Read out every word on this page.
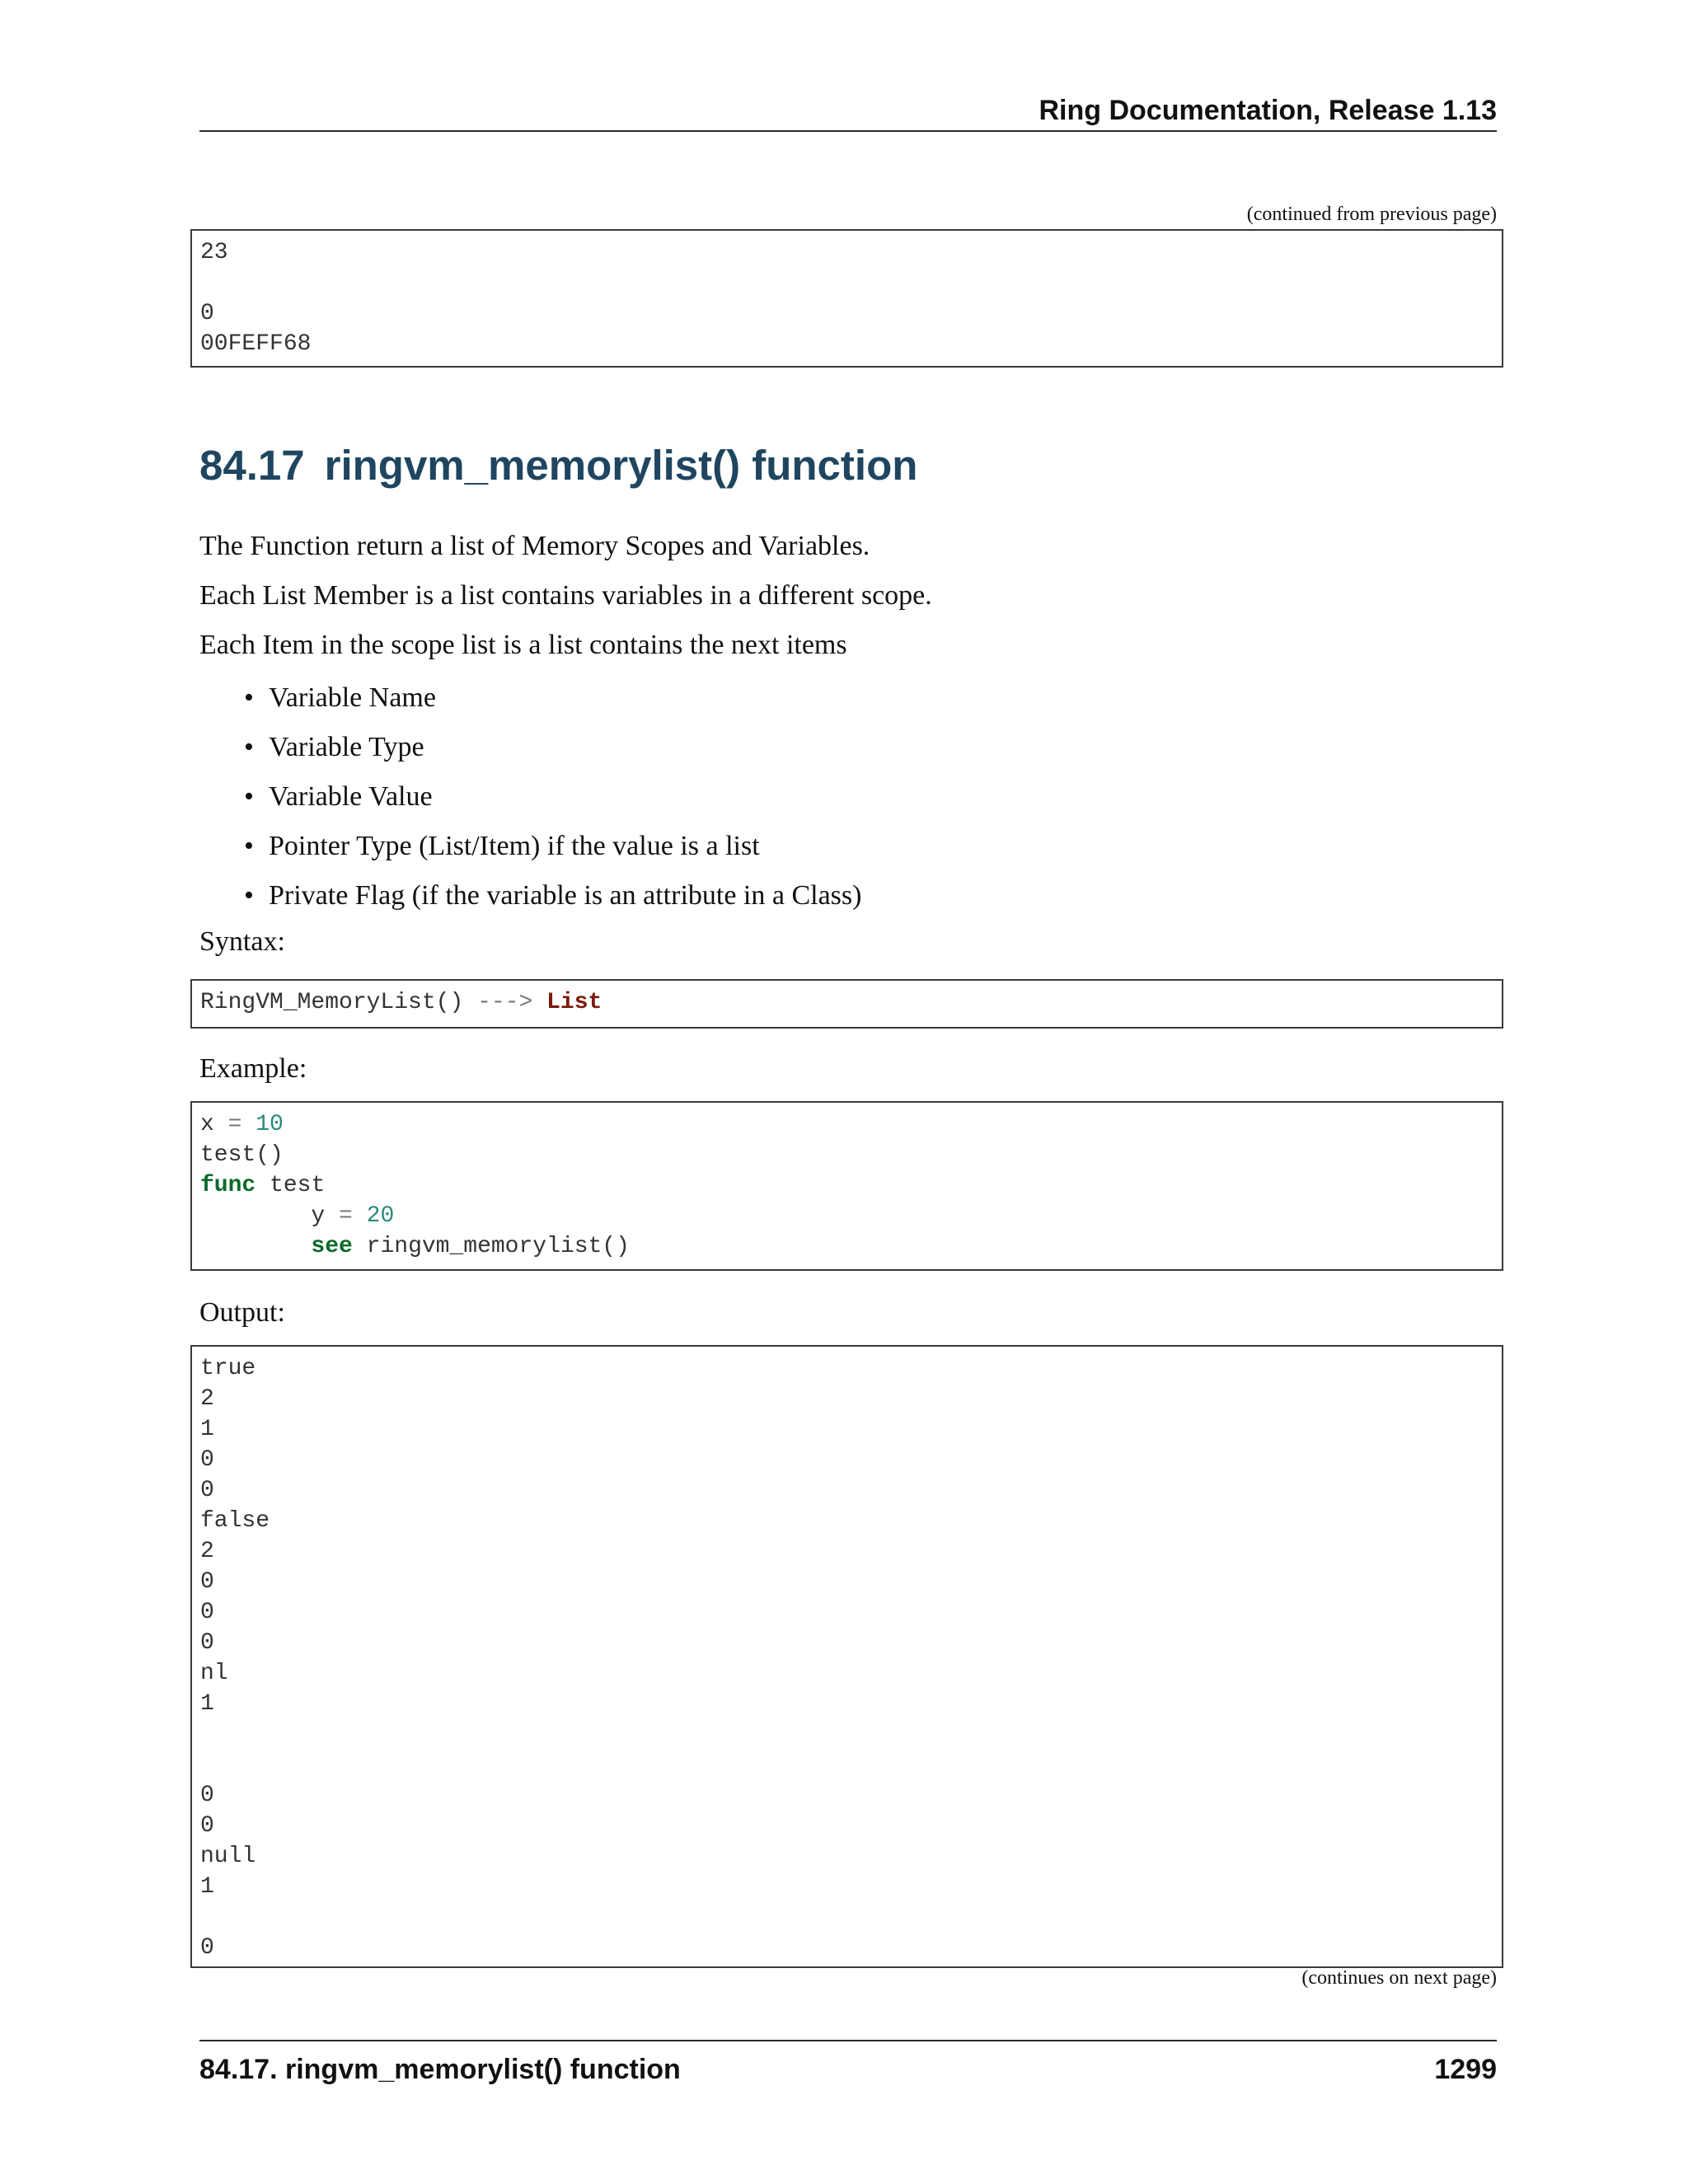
Ring Documentation, Release 1.13
(continued from previous page)
23

0
00FEFF68
84.17 ringvm_memorylist() function

The Function return a list of Memory Scopes and Variables.

Each List Member is a list contains variables in a different scope.

Each Item in the scope list is a list contains the next items

• Variable Name
• Variable Type
• Variable Value
• Pointer Type (List/Item) if the value is a list
• Private Flag (if the variable is an attribute in a Class)

Syntax:

RingVM_MemoryList() ---> List

Example:

x = 10
test()
func test
y = 20
see ringvm_memorylist()

Output:

true
2
1
0
0
false
2
0
0
0
nl
1

0
0
null
1

0
(continues on next page)
84.17. ringvm_memorylist() function	1299
